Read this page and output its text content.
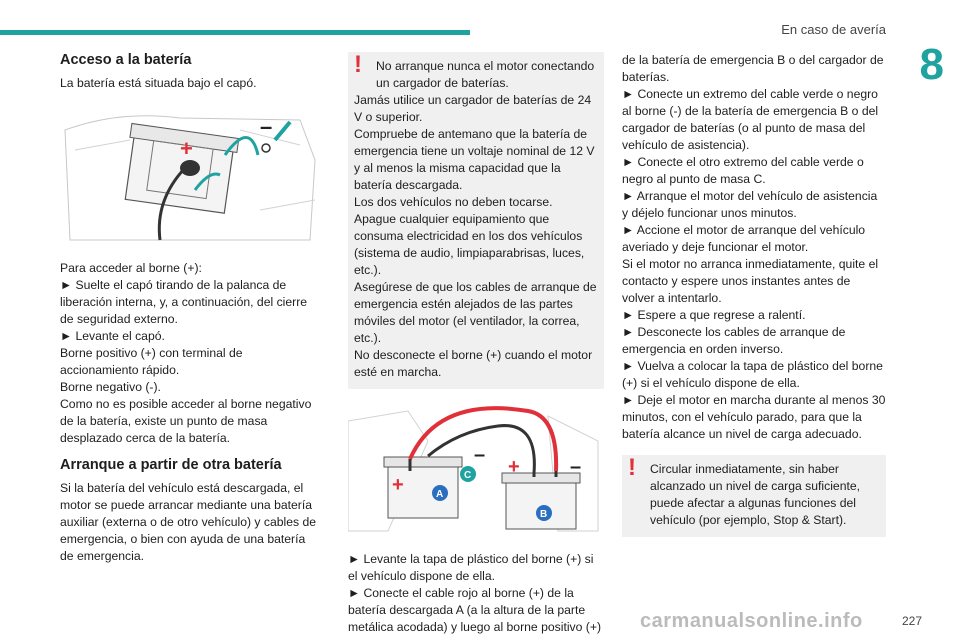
En caso de avería
8
Acceso a la batería

La batería está situada bajo el capó.

+
–

Para acceder al borne (+):

► Suelte el capó tirando de la palanca de liberación interna, y, a continuación, del cierre de seguridad externo.

► Levante el capó.

Borne positivo (+) con terminal de accionamiento rápido.

Borne negativo (-).

Como no es posible acceder al borne negativo de la batería, existe un punto de masa desplazado cerca de la batería.

Arranque a partir de otra batería

Si la batería del vehículo está descargada, el motor se puede arrancar mediante una batería auxiliar (externa o de otro vehículo) y cables de emergencia, o bien con ayuda de una batería de emergencia.

!	No arranque nunca el motor conectando un cargador de baterías.

Jamás utilice un cargador de baterías de 24 V o superior.

Compruebe de antemano que la batería de emergencia tiene un voltaje nominal de 12 V y al menos la misma capacidad que la batería descargada.

Los dos vehículos no deben tocarse.

Apague cualquier equipamiento que consuma electricidad en los dos vehículos (sistema de audio, limpiaparabrisas, luces, etc.).

Asegúrese de que los cables de arranque de emergencia estén alejados de las partes móviles del motor (el ventilador, la correa, etc.).

No desconecte el borne (+) cuando el motor esté en marcha.

A
C
B
+
–
+	–

► Levante la tapa de plástico del borne (+) si el vehículo dispone de ella.

► Conecte el cable rojo al borne (+) de la batería descargada A (a la altura de la parte metálica acodada) y luego al borne positivo (+)

de la batería de emergencia B o del cargador de baterías.

► Conecte un extremo del cable verde o negro al borne (-) de la batería de emergencia B o del cargador de baterías (o al punto de masa del vehículo de asistencia).

► Conecte el otro extremo del cable verde o negro al punto de masa C.

► Arranque el motor del vehículo de asistencia y déjelo funcionar unos minutos.

► Accione el motor de arranque del vehículo averiado y deje funcionar el motor.

Si el motor no arranca inmediatamente, quite el contacto y espere unos instantes antes de volver a intentarlo.

► Espere a que regrese a ralentí.

► Desconecte los cables de arranque de emergencia en orden inverso.

► Vuelva a colocar la tapa de plástico del borne (+) si el vehículo dispone de ella.

► Deje el motor en marcha durante al menos 30 minutos, con el vehículo parado, para que la batería alcance un nivel de carga adecuado.

!	Circular inmediatamente, sin haber alcanzado un nivel de carga suficiente, puede afectar a algunas funciones del vehículo (por ejemplo, Stop & Start).

carmanualsonline.info	227
